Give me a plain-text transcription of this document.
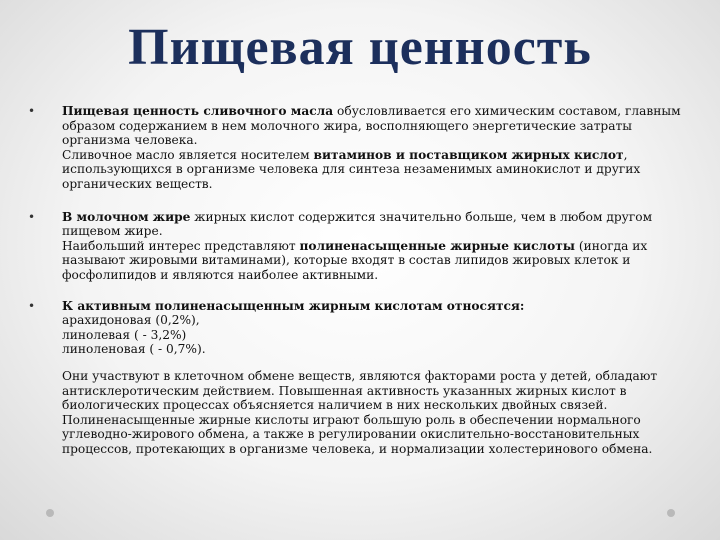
Пищевая ценность
•	Пищевая ценность сливочного масла обусловливается его химическим составом, главным образом содержанием в нем молочного жира, восполняющего энергетические затраты организма человека.

Сливочное масло является носителем витаминов и поставщиком жирных кислот, использующихся в организме человека для синтеза незаменимых аминокислот и других органических веществ.

•	В молочном жире жирных кислот содержится значительно больше, чем в любом другом пищевом жире.

Наибольший интерес представляют полиненасыщенные жирные кислоты (иногда их называют жировыми витаминами), которые входят в состав липидов жировых клеток и фосфолипидов и являются наиболее активными.

•	К активным полиненасыщенным жирным кислотам относятся:

арахидоновая (0,2%),

линолевая ( - 3,2%)

линоленовая ( - 0,7%).

Они участвуют в клеточном обмене веществ, являются факторами роста у детей, обладают антисклеротическим действием. Повышенная активность указанных жирных кислот в биологических процессах объясняется наличием в них нескольких двойных связей. Полиненасыщенные жирные кислоты играют большую роль в обеспечении нормального углеводно-жирового обмена, а также в регулировании окислительно-восстановительных процессов, протекающих в организме человека, и нормализации холестеринового обмена.
